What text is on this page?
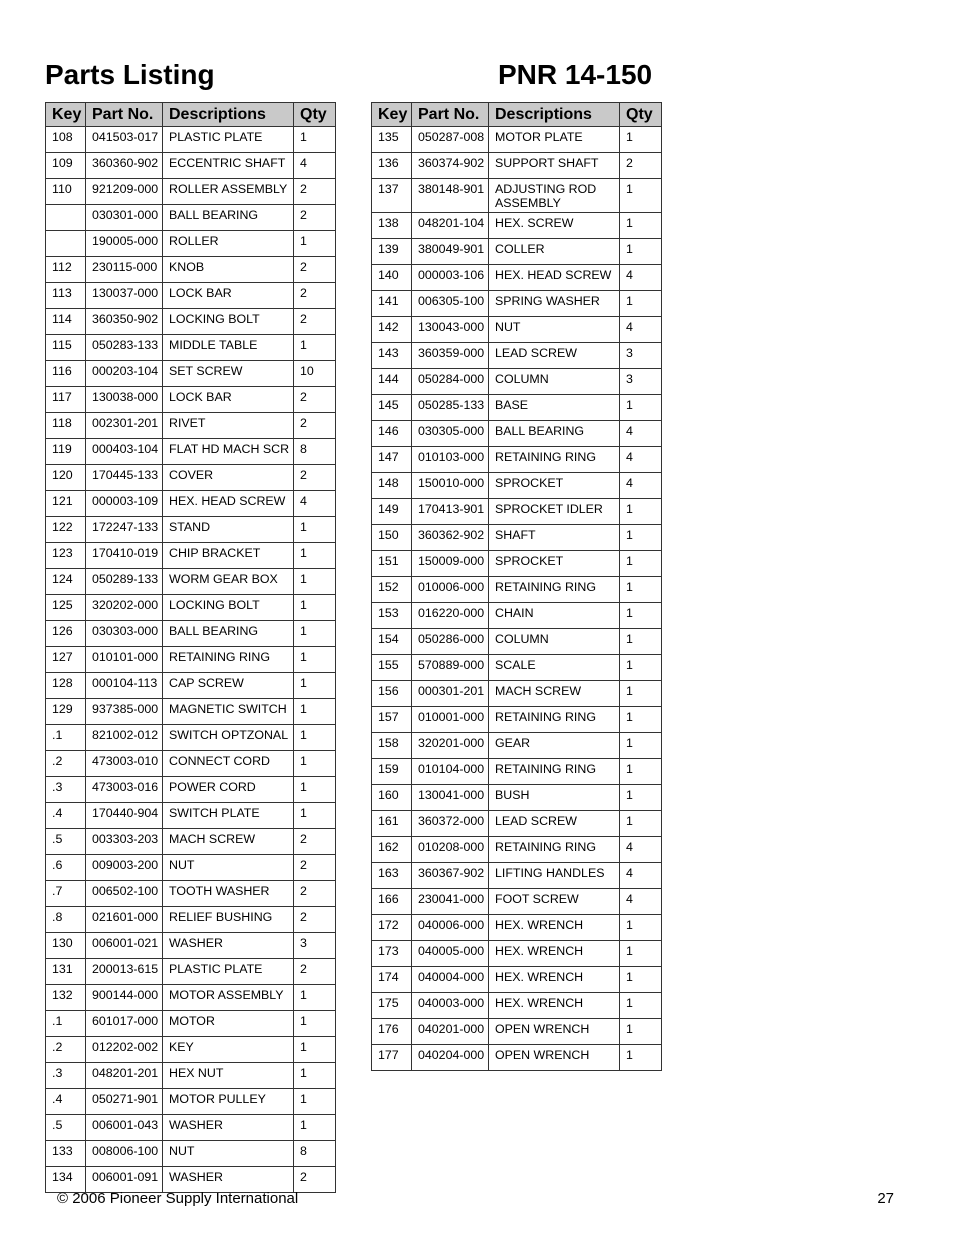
Parts Listing	PNR 14-150
Key	Part No.	Descriptions	Qty
108	041503-017	PLASTIC PLATE	1
109	360360-902	ECCENTRIC SHAFT	4
110	921209-000	ROLLER ASSEMBLY	2
	030301-000	BALL BEARING	2
	190005-000	ROLLER	1
112	230115-000	KNOB	2
113	130037-000	LOCK BAR	2
114	360350-902	LOCKING BOLT	2
115	050283-133	MIDDLE TABLE	1
116	000203-104	SET SCREW	10
117	130038-000	LOCK BAR	2
118	002301-201	RIVET	2
119	000403-104	FLAT HD MACH SCR	8
120	170445-133	COVER	2
121	000003-109	HEX. HEAD SCREW	4
122	172247-133	STAND	1
123	170410-019	CHIP BRACKET	1
124	050289-133	WORM GEAR BOX	1
125	320202-000	LOCKING BOLT	1
126	030303-000	BALL BEARING	1
127	010101-000	RETAINING RING	1
128	000104-113	CAP SCREW	1
129	937385-000	MAGNETIC SWITCH	1
.1	821002-012	SWITCH OPTZONAL	1
.2	473003-010	CONNECT CORD	1
.3	473003-016	POWER CORD	1
.4	170440-904	SWITCH PLATE	1
.5	003303-203	MACH SCREW	2
.6	009003-200	NUT	2
.7	006502-100	TOOTH WASHER	2
.8	021601-000	RELIEF BUSHING	2
130	006001-021	WASHER	3
131	200013-615	PLASTIC PLATE	2
132	900144-000	MOTOR ASSEMBLY	1
.1	601017-000	MOTOR	1
.2	012202-002	KEY	1
.3	048201-201	HEX NUT	1
.4	050271-901	MOTOR PULLEY	1
.5	006001-043	WASHER	1
133	008006-100	NUT	8
134	006001-091	WASHER	2
Key	Part No.	Descriptions	Qty
135	050287-008	MOTOR PLATE	1
136	360374-902	SUPPORT SHAFT	2
137	380148-901	ADJUSTING ROD ASSEMBLY	1
138	048201-104	HEX. SCREW	1
139	380049-901	COLLER	1
140	000003-106	HEX. HEAD SCREW	4
141	006305-100	SPRING WASHER	1
142	130043-000	NUT	4
143	360359-000	LEAD SCREW	3
144	050284-000	COLUMN	3
145	050285-133	BASE	1
146	030305-000	BALL BEARING	4
147	010103-000	RETAINING RING	4
148	150010-000	SPROCKET	4
149	170413-901	SPROCKET IDLER	1
150	360362-902	SHAFT	1
151	150009-000	SPROCKET	1
152	010006-000	RETAINING RING	1
153	016220-000	CHAIN	1
154	050286-000	COLUMN	1
155	570889-000	SCALE	1
156	000301-201	MACH SCREW	1
157	010001-000	RETAINING RING	1
158	320201-000	GEAR	1
159	010104-000	RETAINING RING	1
160	130041-000	BUSH	1
161	360372-000	LEAD SCREW	1
162	010208-000	RETAINING RING	4
163	360367-902	LIFTING HANDLES	4
166	230041-000	FOOT SCREW	4
172	040006-000	HEX. WRENCH	1
173	040005-000	HEX. WRENCH	1
174	040004-000	HEX. WRENCH	1
175	040003-000	HEX. WRENCH	1
176	040201-000	OPEN WRENCH	1
177	040204-000	OPEN WRENCH	1
© 2006 Pioneer Supply International	27
